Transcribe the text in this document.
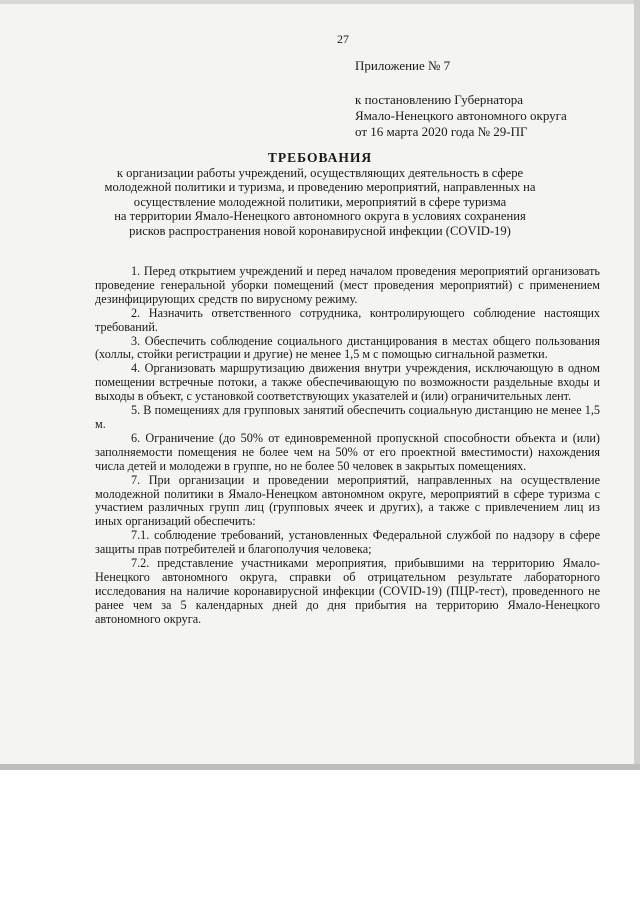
27
Приложение № 7
к постановлению Губернатора
Ямало-Ненецкого автономного округа
от 16 марта 2020 года № 29-ПГ
ТРЕБОВАНИЯ
к организации работы учреждений, осуществляющих деятельность в сфере
молодежной политики и туризма, и проведению мероприятий, направленных на
осуществление молодежной политики, мероприятий в сфере туризма
на территории Ямало-Ненецкого автономного округа в условиях сохранения
рисков распространения новой коронавирусной инфекции (COVID-19)

1. Перед открытием учреждений и перед началом проведения мероприятий организовать проведение генеральной уборки помещений (мест проведения мероприятий) с применением дезинфицирующих средств по вирусному режиму.

2. Назначить ответственного сотрудника, контролирующего соблюдение настоящих требований.

3. Обеспечить соблюдение социального дистанцирования в местах общего пользования (холлы, стойки регистрации и другие) не менее 1,5 м с помощью сигнальной разметки.

4. Организовать маршрутизацию движения внутри учреждения, исключающую в одном помещении встречные потоки, а также обеспечивающую по возможности раздельные входы и выходы в объект, с установкой соответствующих указателей и (или) ограничительных лент.

5. В помещениях для групповых занятий обеспечить социальную дистанцию не менее 1,5 м.

6. Ограничение (до 50% от единовременной пропускной способности объекта и (или) заполняемости помещения не более чем на 50% от его проектной вместимости) нахождения числа детей и молодежи в группе, но не более 50 человек в закрытых помещениях.

7. При организации и проведении мероприятий, направленных на осуществление молодежной политики в Ямало-Ненецком автономном округе, мероприятий в сфере туризма с участием различных групп лиц (групповых ячеек и других), а также с привлечением лиц из иных организаций обеспечить:

7.1. соблюдение требований, установленных Федеральной службой по надзору в сфере защиты прав потребителей и благополучия человека;

7.2. представление участниками мероприятия, прибывшими на территорию Ямало-Ненецкого автономного округа, справки об отрицательном результате лабораторного исследования на наличие коронавирусной инфекции (COVID-19) (ПЦР-тест), проведенного не ранее чем за 5 календарных дней до дня прибытия на территорию Ямало-Ненецкого автономного округа.
